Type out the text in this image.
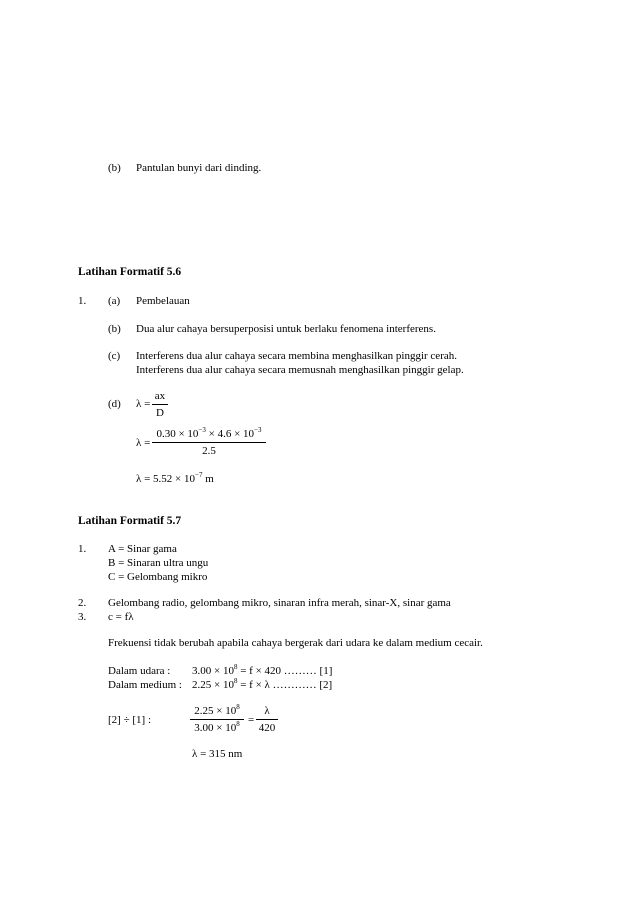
(b) Pantulan bunyi dari dinding.
Latihan Formatif 5.6
1. (a) Pembelauan
(b) Dua alur cahaya bersuperposisi untuk berlaku fenomena interferens.
(c) Interferens dua alur cahaya secara membina menghasilkan pinggir cerah.
Interferens dua alur cahaya secara memusnah menghasilkan pinggir gelap.
(d) λ =
ax
D
λ =
$0.30 \times 10^{-3} \times 4.6 \times 10^{-3}$
2.5
$\lambda = 5.52 \times 10^{-7}$ m
Latihan Formatif 5.7
1. A = Sinar gama
B = Sinaran ultra ungu
C = Gelombang mikro
2. Gelombang radio, gelombang mikro, sinaran infra merah, sinar-X, sinar gama
3. c = fλ
Frekuensi tidak berubah apabila cahaya bergerak dari udara ke dalam medium cecair.
Dalam udara : $3.00 \times 10^8 = f \times 420$ ……… [1]
Dalam medium : $2.25 \times 10^8 = f \times \lambda$ ………… [2]
[2] ÷ [1] :
$2.25 \times 10^8$
$3.00 \times 10^8$ =
λ
420
λ = 315 nm
